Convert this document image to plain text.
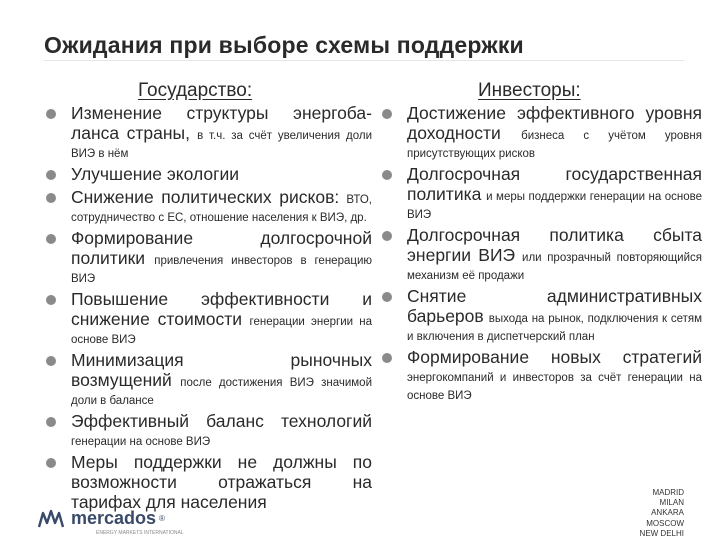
Ожидания при выборе схемы поддержки
Государство:	Инвесторы:
Изменение структуры энергоба-ланса страны, в т.ч. за счёт увеличения доли ВИЭ в нём
Улучшение экологии
Снижение политических рисков: ВТО, сотрудничество с ЕС, отношение населения к ВИЭ, др.
Формирование долгосрочной политики привлечения инвесторов в генерацию ВИЭ
Повышение эффективности и снижение стоимости генерации энергии на основе ВИЭ
Минимизация рыночных возмущений после достижения ВИЭ значимой доли в балансе
Эффективный баланс технологий генерации на основе ВИЭ
Меры поддержки не должны по возможности отражаться на тарифах для населения
Достижение эффективного уровня доходности бизнеса с учётом уровня присутствующих рисков
Долгосрочная государственная политика и меры поддержки генерации на основе ВИЭ
Долгосрочная политика сбыта энергии ВИЭ или прозрачный повторяющийся механизм её продажи
Снятие административных барьеров выхода на рынок, подключения к сетям и включения в диспетчерский план
Формирование новых стратегий энергокомпаний и инвесторов за счёт генерации на основе ВИЭ
mercados ®
ENERGY MARKETS INTERNATIONAL
MADRID
MILAN
ANKARA
MOSCOW
NEW DELHI
